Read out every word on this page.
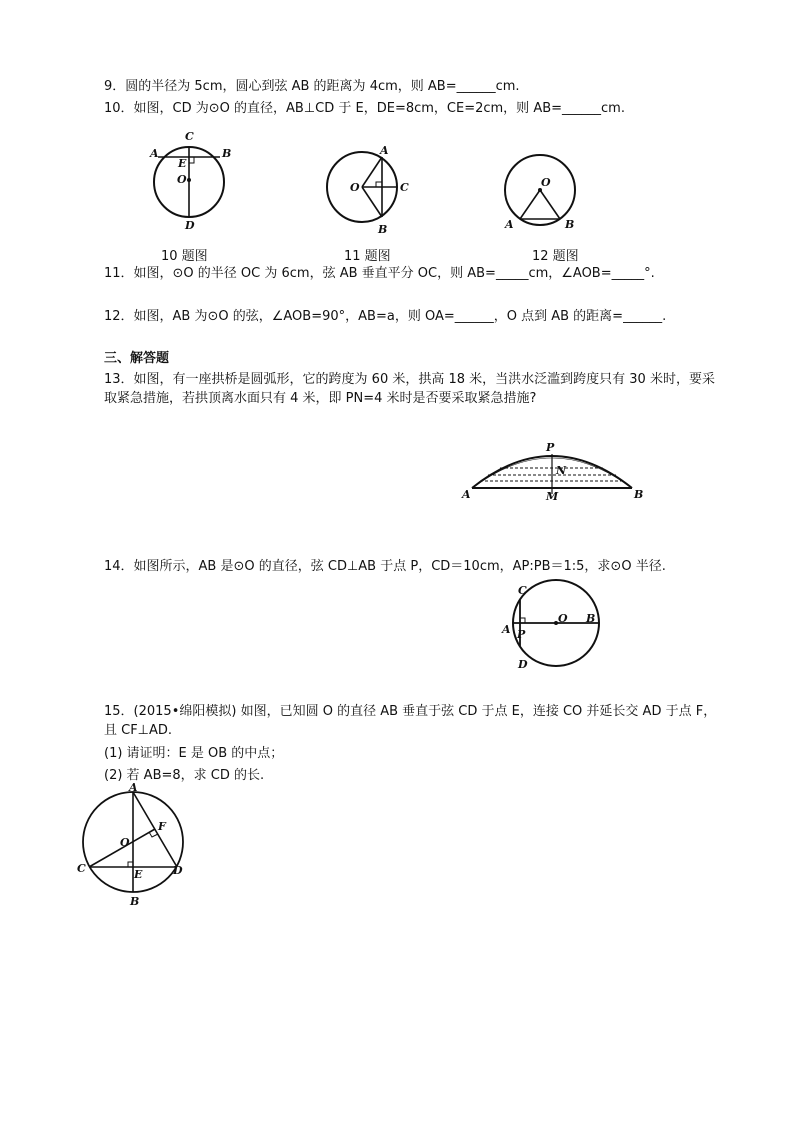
9．圆的半径为 5cm，圆心到弦 AB 的距离为 4cm，则 AB=______cm.
10．如图，CD 为⊙O 的直径，AB⊥CD 于 E，DE=8cm，CE=2cm，则 AB=______cm.
C
A	B
E
O
D
10 题图
A
O	C
B
11 题图
O
A	B
12 题图
11．如图，⊙O 的半径 OC 为 6cm，弦 AB 垂直平分 OC，则 AB=_____cm，∠AOB=_____°.
12．如图，AB 为⊙O 的弦，∠AOB=90°，AB=a，则 OA=______，O 点到 AB 的距离=______.
三、解答题
13．如图，有一座拱桥是圆弧形，它的跨度为 60 米，拱高 18 米，当洪水泛滥到跨度只有 30 米时，要采
取紧急措施，若拱顶离水面只有 4 米，即 PN=4 米时是否要采取紧急措施?
P
N
A	M	B
14．如图所示，AB 是⊙O 的直径，弦 CD⊥AB 于点 P，CD＝10cm，AP:PB＝1:5，求⊙O 半径.
C
A P
O B
D
15．(2015•绵阳模拟) 如图，已知圆 O 的直径 AB 垂直于弦 CD 于点 E，连接 CO 并延长交 AD 于点 F，
且 CF⊥AD.
(1) 请证明：E 是 OB 的中点；
(2) 若 AB=8，求 CD 的长.
A
F
O
C	E	D
B
